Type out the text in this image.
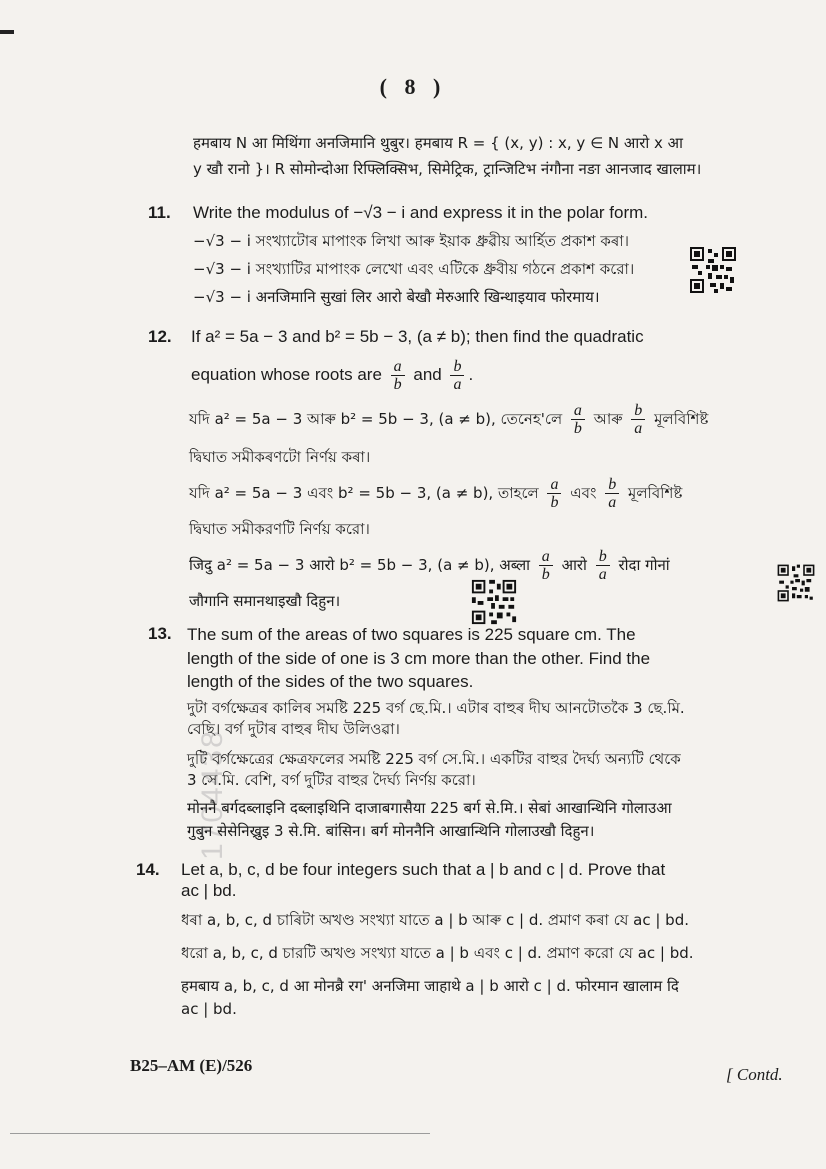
( 8 )
1704438
हमबाय N आ मिथिंगा अनजिमानि थुबुर। हमबाय R = { (x, y) : x, y ∈ N आरो x आ
y खौ रानो }। R सोमोन्दोआ रिफ्लिक्सिभ, सिमेट्रिक, ट्रान्जिटिभ नंगौना नङा आनजाद खालाम।
11. Write the modulus of −√3 − i and express it in the polar form.
−√3 − i সংখ্যাটোৰ মাপাংক লিখা আৰু ইয়াক ধ্ৰুৱীয় আৰ্হিত প্ৰকাশ কৰা।
−√3 − i সংখ্যাটির মাপাংক লেখো এবং এটিকে ধ্রুবীয় গঠনে প্রকাশ করো।
−√3 − i अनजिमानि सुखां लिर आरो बेखौ मेरुआरि खिन्थाइयाव फोरमाय।
12. If a² = 5a − 3 and b² = 5b − 3, (a ≠ b); then find the quadratic
equation whose roots are $\frac{a}{b}$ and $\frac{b}{a}$ .
যদি a² = 5a − 3 আৰু b² = 5b − 3, (a ≠ b), তেনেহ'লে $\frac{a}{b}$ আৰু $\frac{b}{a}$ মূলবিশিষ্ট
দ্বিঘাত সমীকৰণটো নিৰ্ণয় কৰা।
যদি a² = 5a − 3 এবং b² = 5b − 3, (a ≠ b), তাহলে $\frac{a}{b}$ এবং $\frac{b}{a}$ মূলবিশিষ্ট
দ্বিঘাত সমীকরণটি নির্ণয় করো।
जिदु a² = 5a − 3 आरो b² = 5b − 3, (a ≠ b), अब्ला $\frac{a}{b}$ आरो $\frac{b}{a}$ रोदा गोनां
जौगानि समानथाइखौ दिहुन।
13. The sum of the areas of two squares is 225 square cm. The
length of the side of one is 3 cm more than the other. Find the
length of the sides of the two squares.
দুটা বৰ্গক্ষেত্ৰৰ কালিৰ সমষ্টি 225 বৰ্গ ছে.মি.। এটাৰ বাহুৰ দীঘ আনটোতকৈ 3 ছে.মি.
বেছি। বৰ্গ দুটাৰ বাহুৰ দীঘ উলিওৱা।
দুটি বর্গক্ষেত্রের ক্ষেত্রফলের সমষ্টি 225 বর্গ সে.মি.। একটির বাহুর দৈর্ঘ্য অন্যটি থেকে
3 সে.মি. বেশি, বর্গ দুটির বাহুর দৈর্ঘ্য নির্ণয় করো।
मोननै बर्गदब्लाइनि दब्लाइथिनि दाजाबगासैया 225 बर्ग से.मि.। सेबां आखान्थिनि गोलाउआ
गुबुन सेसेनिख्रुइ 3 से.मि. बांसिन। बर्ग मोननैनि आखान्थिनि गोलाउखौ दिहुन।
14. Let a, b, c, d be four integers such that a | b and c | d. Prove that
ac | bd.
ধৰা a, b, c, d চাৰিটা অখণ্ড সংখ্যা যাতে a | b আৰু c | d. প্ৰমাণ কৰা যে ac | bd.
ধরো a, b, c, d চারটি অখণ্ড সংখ্যা যাতে a | b এবং c | d. প্রমাণ করো যে ac | bd.
हमबाय a, b, c, d आ मोनब्रै रग' अनजिमा जाहाथे a | b आरो c | d. फोरमान खालाम दि
ac | bd.
B25–AM (E)/526	[ Contd.
